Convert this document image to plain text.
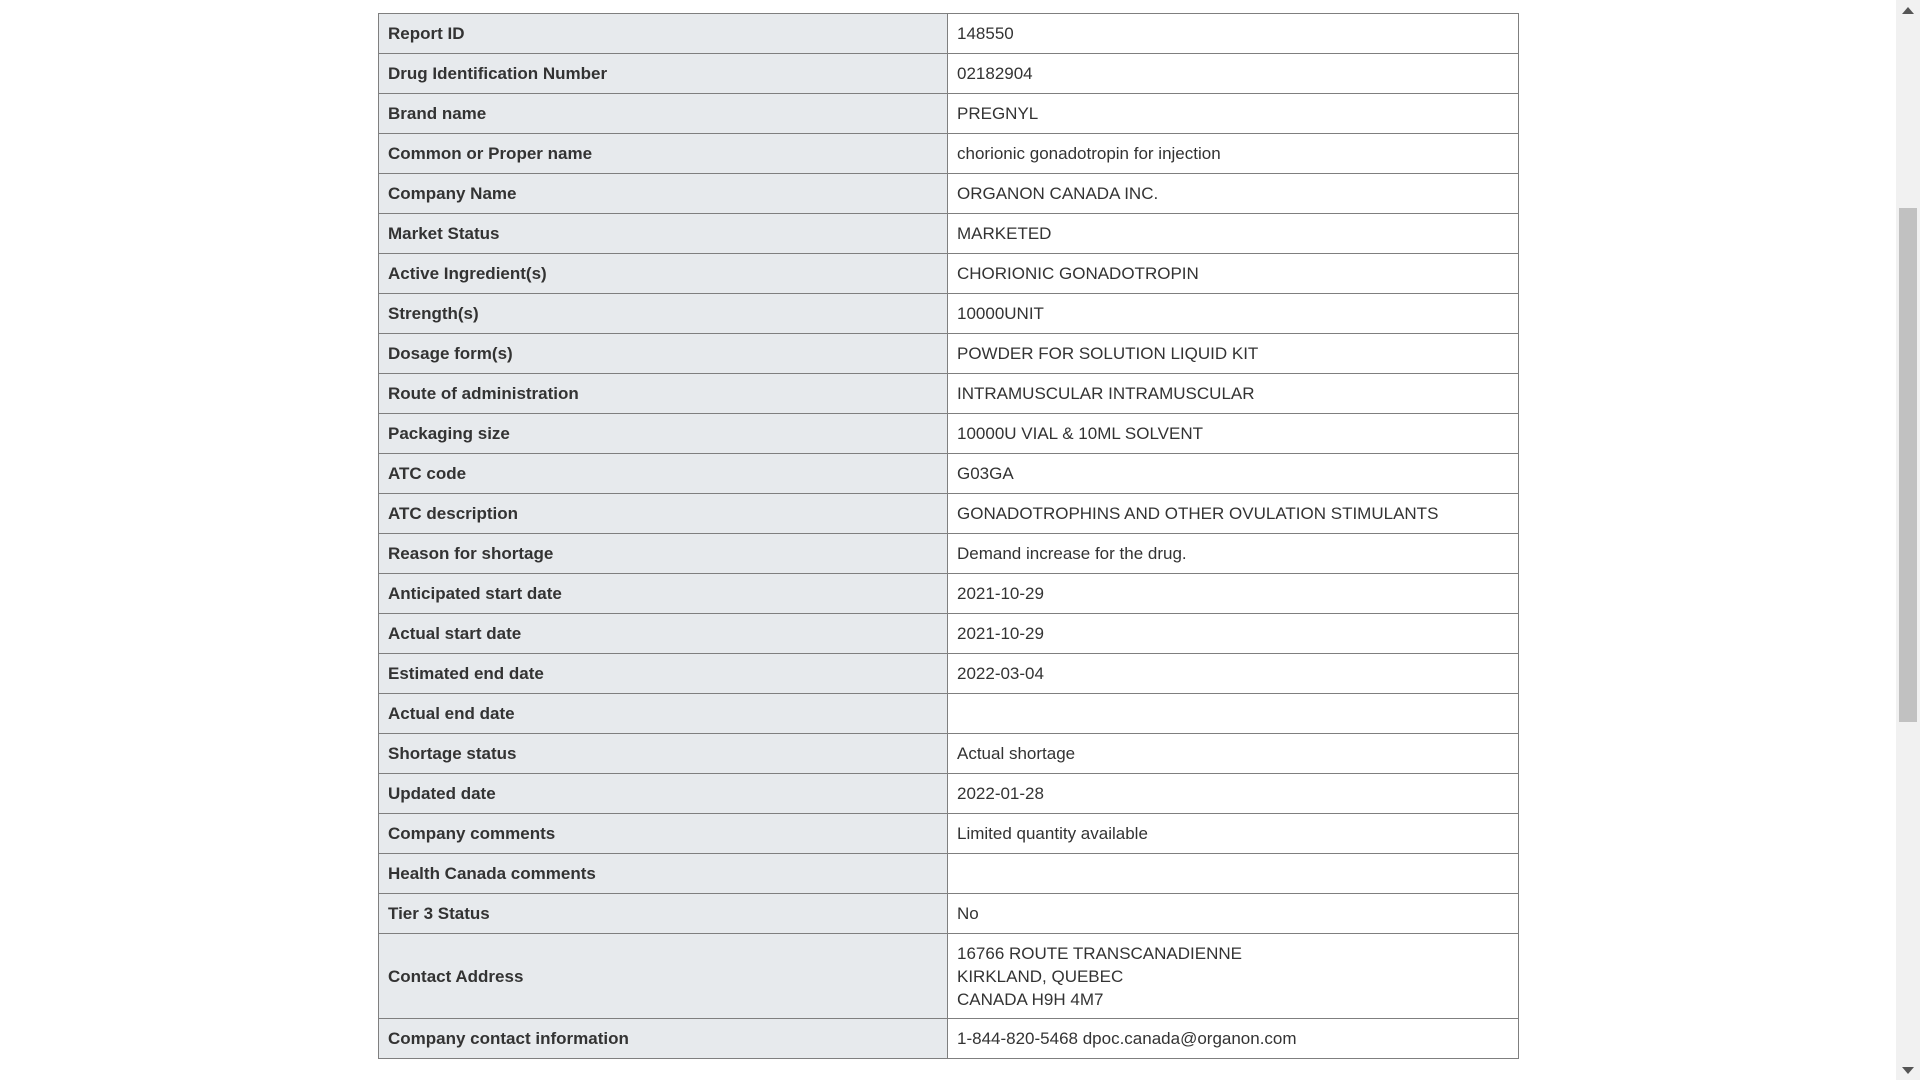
Report ID	148550
Drug Identification Number	02182904
Brand name	PREGNYL
Common or Proper name	chorionic gonadotropin for injection
Company Name	ORGANON CANADA INC.
Market Status	MARKETED
Active Ingredient(s)	CHORIONIC GONADOTROPIN
Strength(s)	10000UNIT
Dosage form(s)	POWDER FOR SOLUTION LIQUID KIT
Route of administration	INTRAMUSCULAR INTRAMUSCULAR
Packaging size	10000U VIAL & 10ML SOLVENT
ATC code	G03GA
ATC description	GONADOTROPHINS AND OTHER OVULATION STIMULANTS
Reason for shortage	Demand increase for the drug.
Anticipated start date	2021-10-29
Actual start date	2021-10-29
Estimated end date	2022-03-04
Actual end date	
Shortage status	Actual shortage
Updated date	2022-01-28
Company comments	Limited quantity available
Health Canada comments	
Tier 3 Status	No
Contact Address	16766 ROUTE TRANSCANADIENNE
KIRKLAND, QUEBEC
CANADA H9H 4M7
Company contact information	1-844-820-5468 dpoc.canada@organon.com
